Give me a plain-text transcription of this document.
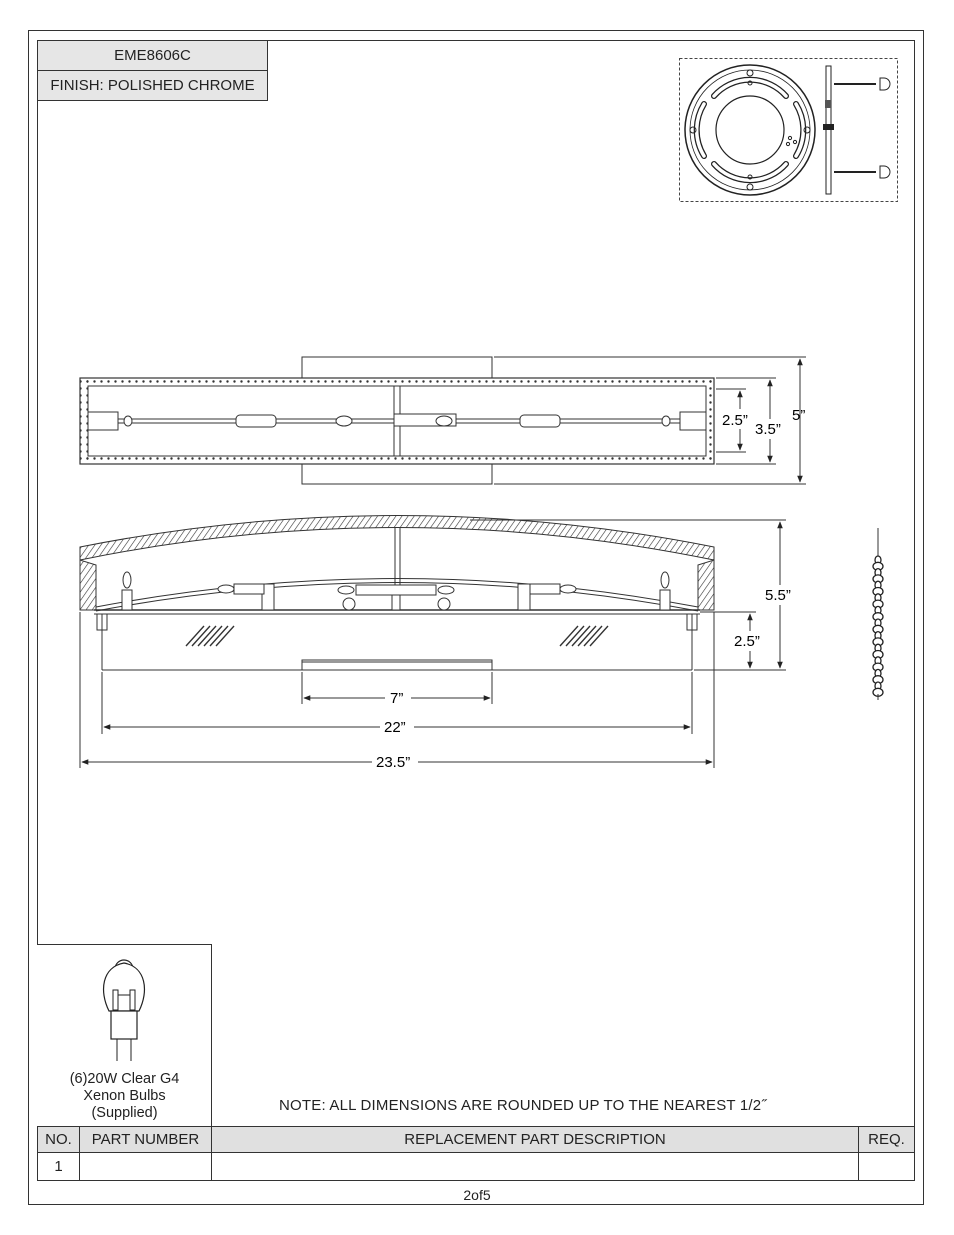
EME8606C
FINISH: POLISHED CHROME
2.5”
3.5”
5”
5.5”
2.5”
7”
22”
23.5”
(6)20W Clear G4
Xenon Bulbs
(Supplied)	NOTE: ALL DIMENSIONS ARE ROUNDED UP TO THE NEAREST 1/2˝
NO.	PART NUMBER	REPLACEMENT PART DESCRIPTION	REQ.
1
2of5
